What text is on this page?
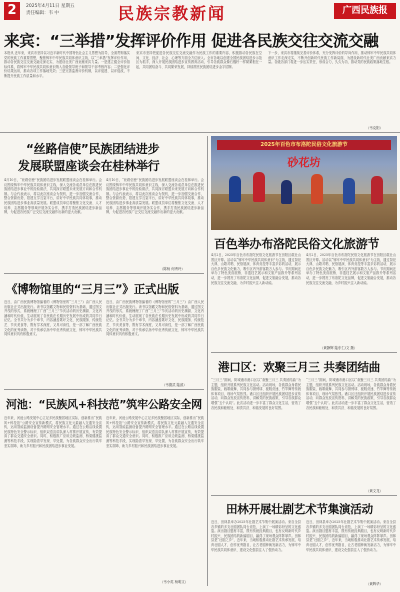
2	2025年4月11日 星期五
责任编辑：韦 中	民族宗教新闻	广西民族报
来宾：“三举措”发挥评价作用 促进各民族交往交流交融
本报讯 近年来，来宾市坚持以习近平新时代中国特色社会主义思想为指导，全面贯彻落实党的民族工作重要思想，聚焦铸牢中华民族共同体意识主线，以“三举措”发挥评价作用，推动各民族交往交流交融走深走实，为建设壮美广西贡献来宾力量。一是建立健全评价指标体系，将铸牢中华民族共同体意识纳入各级领导班子和领导干部考核内容；二是强化评价结果运用，推动各项工作落地见效；三是完善监督评价机制，以评促建、以评促改，不断提升民族工作质量和水平。
来宾市坚持把促进各民族交往交流交融作为民族工作的重要内容，积极推动各民族在空间、文化、经济、社会、心理等方面全方位嵌入。全市各地以创建全国民族团结进步示范区为抓手，深入开展民族团结进步宣传教育活动，引导各族群众像石榴籽一样紧紧抱在一起，共同团结奋斗、共同繁荣发展，持续擦亮民族团结进步金字招牌。
下一步，来宾市将继续完善评价体系，充分发挥评价的导向作用，推动铸牢中华民族共同体意识工作走深走实，不断开创新时代民族工作新局面，为建设新时代壮美广西贡献来宾力量。各级各部门将进一步压实责任，形成合力，久久为功，推动党的民族政策落地生根。
（韦克阳）
“丝路信使”民族团结进步
发展联盟座谈会在桂林举行
4月10日，“丝路信使”民族团结进步发展联盟座谈会在桂林举行。会议围绕铸牢中华民族共同体意识主线，深入交流各成员单位在推进民族团结进步事业中的经验做法，共同探讨联盟未来发展方向和合作机制。与会代表表示，将以此次座谈会为契机，进一步加强交流合作，整合资源优势，搭建互学互鉴平台，讲好中华民族共同体故事，推动民族团结进步事业高质量发展。联盟成员单位将聚焦文化交流、人才培养、志愿服务等领域开展务实合作，携手打造民族团结进步新品牌，为促进各民族广泛交往交流交融作出新的更大贡献。
4月10日，“丝路信使”民族团结进步发展联盟座谈会在桂林举行。会议围绕铸牢中华民族共同体意识主线，深入交流各成员单位在推进民族团结进步事业中的经验做法，共同探讨联盟未来发展方向和合作机制。与会代表表示，将以此次座谈会为契机，进一步加强交流合作，整合资源优势，搭建互学互鉴平台，讲好中华民族共同体故事，推动民族团结进步事业高质量发展。联盟成员单位将聚焦文化交流、人才培养、志愿服务等领域开展务实合作，携手打造民族团结进步新品牌，为促进各民族广泛交往交流交融作出新的更大贡献。
（陈杨 何秀玲）
《博物馆里的“三月三”》正式出版
近日，由广西民族博物馆编著的《博物馆里的“三月三”》由广西人民出版社正式出版发行。该书以馆藏文物和民俗资料为基础，通过图文并茂的形式，系统梳理了广西“三月三”节庆活动的历史渊源、文化内涵和时代价值，生动展现了各民族在长期历史发展中形成的共同节日记忆。全书共分为多个章节，内容涵盖歌圩文化、民族服饰、传统技艺、节庆美食等，既有学术深度，又具可读性，是一部了解广西民族文化的优秀读物，对于传承弘扬中华优秀传统文化、铸牢中华民族共同体意识具有积极意义。
近日，由广西民族博物馆编著的《博物馆里的“三月三”》由广西人民出版社正式出版发行。该书以馆藏文物和民俗资料为基础，通过图文并茂的形式，系统梳理了广西“三月三”节庆活动的历史渊源、文化内涵和时代价值，生动展现了各民族在长期历史发展中形成的共同节日记忆。全书共分为多个章节，内容涵盖歌圩文化、民族服饰、传统技艺、节庆美食等，既有学术深度，又具可读性，是一部了解广西民族文化的优秀读物，对于传承弘扬中华优秀传统文化、铸牢中华民族共同体意识具有积极意义。
（韦德武 陆滨）
河池：“民族风+科技范”筑牢公路安全网
近年来，河池公路发展中心立足多民族聚居地区实际，创新推出“民族风+科技范”公路安全宣传新模式，将民族文化元素融入交通安全宣传，运用智能监测设备提升路网安全管理水平。通过在公路沿线设置民族特色安全警示标识、组织双语宣讲队深入村寨开展宣传，有效提高了群众交通安全意识。同时，积极推广应用边坡监测、桥梁健康监测等科技手段，实现隐患早发现、早处置，为各族群众安全出行筑牢坚实屏障，助力乡村振兴和民族团结进步事业发展。
近年来，河池公路发展中心立足多民族聚居地区实际，创新推出“民族风+科技范”公路安全宣传新模式，将民族文化元素融入交通安全宣传，运用智能监测设备提升路网安全管理水平。通过在公路沿线设置民族特色安全警示标识、组织双语宣讲队深入村寨开展宣传，有效提高了群众交通安全意识。同时，积极推广应用边坡监测、桥梁健康监测等科技手段，实现隐患早发现、早处置，为各族群众安全出行筑牢坚实屏障，助力乡村振兴和民族团结进步事业发展。
（韦小英 杨明文）
2025年百色市布洛陀民俗文化旅游节
砂花坊
百色举办布洛陀民俗文化旅游节
4月2日，2025年百色市布洛陀民俗文化旅游节在田阳区敢壮山景区开幕。活动以“铸牢中华民族共同体意识”为主线，通过祭祀大典、山歌对唱、民俗展演、体育竞技等丰富多彩的活动，展示百色多民族文化魅力，吸引区内外游客数万人参与。节庆期间还举办了特色美食展销、非遗技艺展示和文旅产品推介等系列活动，进一步擦亮了布洛陀文化品牌，促进文旅融合发展，推动各民族交往交流交融，为乡村振兴注入新动能。
4月2日，2025年百色市布洛陀民俗文化旅游节在田阳区敢壮山景区开幕。活动以“铸牢中华民族共同体意识”为主线，通过祭祀大典、山歌对唱、民俗展演、体育竞技等丰富多彩的活动，展示百色多民族文化魅力，吸引区内外游客数万人参与。节庆期间还举办了特色美食展销、非遗技艺展示和文旅产品推介等系列活动，进一步擦亮了布洛陀文化品牌，促进文旅融合发展，推动各民族交往交流交融，为乡村振兴注入新动能。
（黄静辉 陆东仁/文 摄）
港口区：欢聚三月三 共奏团结曲
“三月三”期间，防城港市港口区以“欢聚三月三 共奏团结曲”为主题，组织开展系列民族文化活动。活动现场，各族群众身着民族服装，载歌载舞，共同参与抛绣球、板鞋竞速、竹竿舞等传统体育项目，现场气氛热烈。港口区还组织开展民族团结进步宣传活动，向群众发放宣传资料，讲解党的民族政策，引导各族群众增强“五个认同”。此次活动进一步丰富了群众文化生活，营造了各民族和睦相处、和衷共济、和谐发展的良好氛围。
“三月三”期间，防城港市港口区以“欢聚三月三 共奏团结曲”为主题，组织开展系列民族文化活动。活动现场，各族群众身着民族服装，载歌载舞，共同参与抛绣球、板鞋竞速、竹竿舞等传统体育项目，现场气氛热烈。港口区还组织开展民族团结进步宣传活动，向群众发放宣传资料，讲解党的民族政策，引导各族群众增强“五个认同”。此次活动进一步丰富了群众文化生活，营造了各民族和睦相处、和衷共济、和谐发展的良好氛围。
（黄文龙）
田林开展壮剧艺术节集演活动
近日，田林县举办2025年壮剧艺术节集中展演活动。来自全县各乡镇的多支壮剧团队同台竞技，上演了一场精彩纷呈的文化盛宴。演出剧目题材丰富，既有传统经典剧目，也有反映新时代乡村振兴、民族团结的新编剧目，赢得了现场观众阵阵掌声。田林县是“壮剧之乡”，近年来，当地积极推动壮剧艺术传承发展，培育壮剧人才，创作优秀剧目，让古老剧种焕发新活力，为铸牢中华民族共同体意识、建设文化强县注入了强劲动力。
近日，田林县举办2025年壮剧艺术节集中展演活动。来自全县各乡镇的多支壮剧团队同台竞技，上演了一场精彩纷呈的文化盛宴。演出剧目题材丰富，既有传统经典剧目，也有反映新时代乡村振兴、民族团结的新编剧目，赢得了现场观众阵阵掌声。田林县是“壮剧之乡”，近年来，当地积极推动壮剧艺术传承发展，培育壮剧人才，创作优秀剧目，让古老剧种焕发新活力，为铸牢中华民族共同体意识、建设文化强县注入了强劲动力。
（黄辉华）
